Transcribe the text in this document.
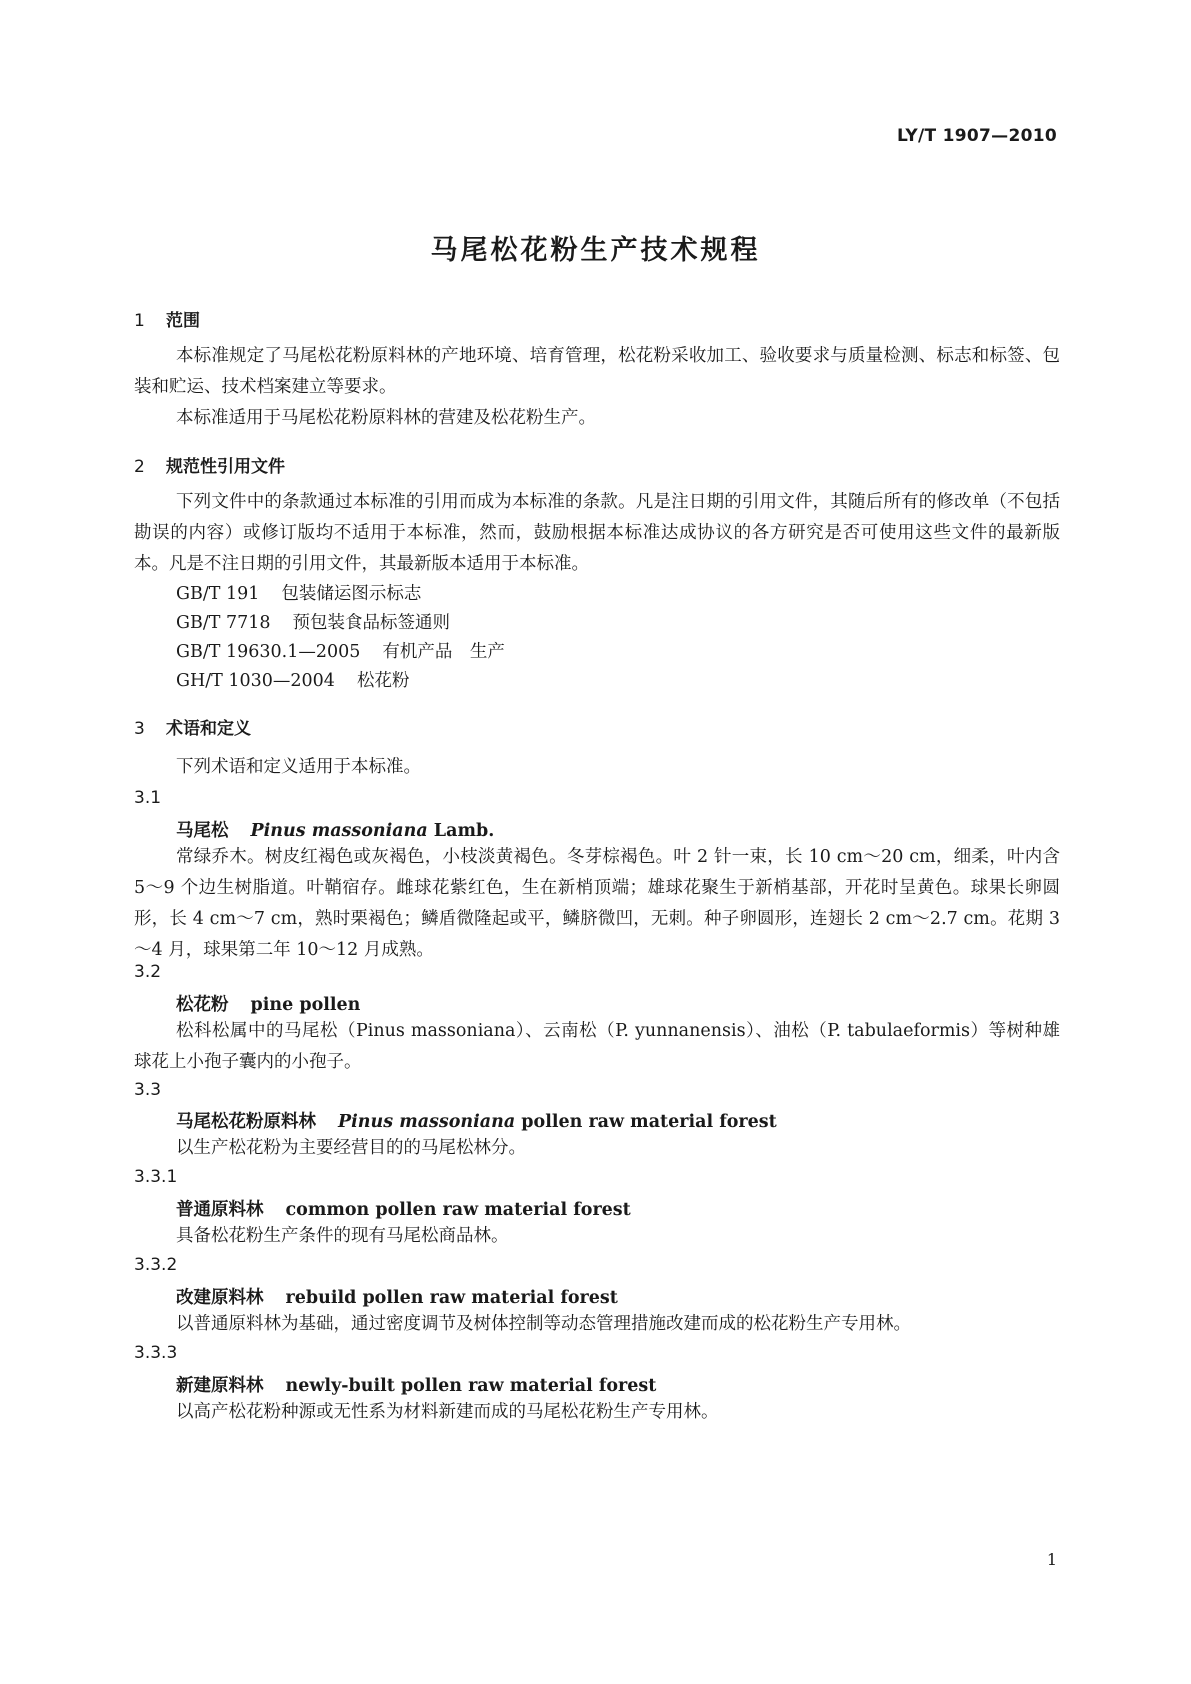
LY/T 1907—2010
马尾松花粉生产技术规程
1 范围
本标准规定了马尾松花粉原料林的产地环境、培育管理，松花粉采收加工、验收要求与质量检测、标志和标签、包装和贮运、技术档案建立等要求。
本标准适用于马尾松花粉原料林的营建及松花粉生产。
2 规范性引用文件
下列文件中的条款通过本标准的引用而成为本标准的条款。凡是注日期的引用文件，其随后所有的修改单（不包括勘误的内容）或修订版均不适用于本标准，然而，鼓励根据本标准达成协议的各方研究是否可使用这些文件的最新版本。凡是不注日期的引用文件，其最新版本适用于本标准。
GB/T 191 包装储运图示标志
GB/T 7718 预包装食品标签通则
GB/T 19630.1—2005 有机产品　生产
GH/T 1030—2004 松花粉
3 术语和定义
下列术语和定义适用于本标准。
3.1
马尾松 Pinus massoniana Lamb.
常绿乔木。树皮红褐色或灰褐色，小枝淡黄褐色。冬芽棕褐色。叶 2 针一束，长 10 cm～20 cm，细柔，叶内含 5～9 个边生树脂道。叶鞘宿存。雌球花紫红色，生在新梢顶端；雄球花聚生于新梢基部，开花时呈黄色。球果长卵圆形，长 4 cm～7 cm，熟时栗褐色；鳞盾微隆起或平，鳞脐微凹，无刺。种子卵圆形，连翅长 2 cm～2.7 cm。花期 3～4 月，球果第二年 10～12 月成熟。
3.2
松花粉 pine pollen
松科松属中的马尾松（Pinus massoniana）、云南松（P. yunnanensis）、油松（P. tabulaeformis）等树种雄球花上小孢子囊内的小孢子。
3.3
马尾松花粉原料林 Pinus massoniana pollen raw material forest
以生产松花粉为主要经营目的的马尾松林分。
3.3.1
普通原料林 common pollen raw material forest
具备松花粉生产条件的现有马尾松商品林。
3.3.2
改建原料林 rebuild pollen raw material forest
以普通原料林为基础，通过密度调节及树体控制等动态管理措施改建而成的松花粉生产专用林。
3.3.3
新建原料林 newly-built pollen raw material forest
以高产松花粉种源或无性系为材料新建而成的马尾松花粉生产专用林。
1
